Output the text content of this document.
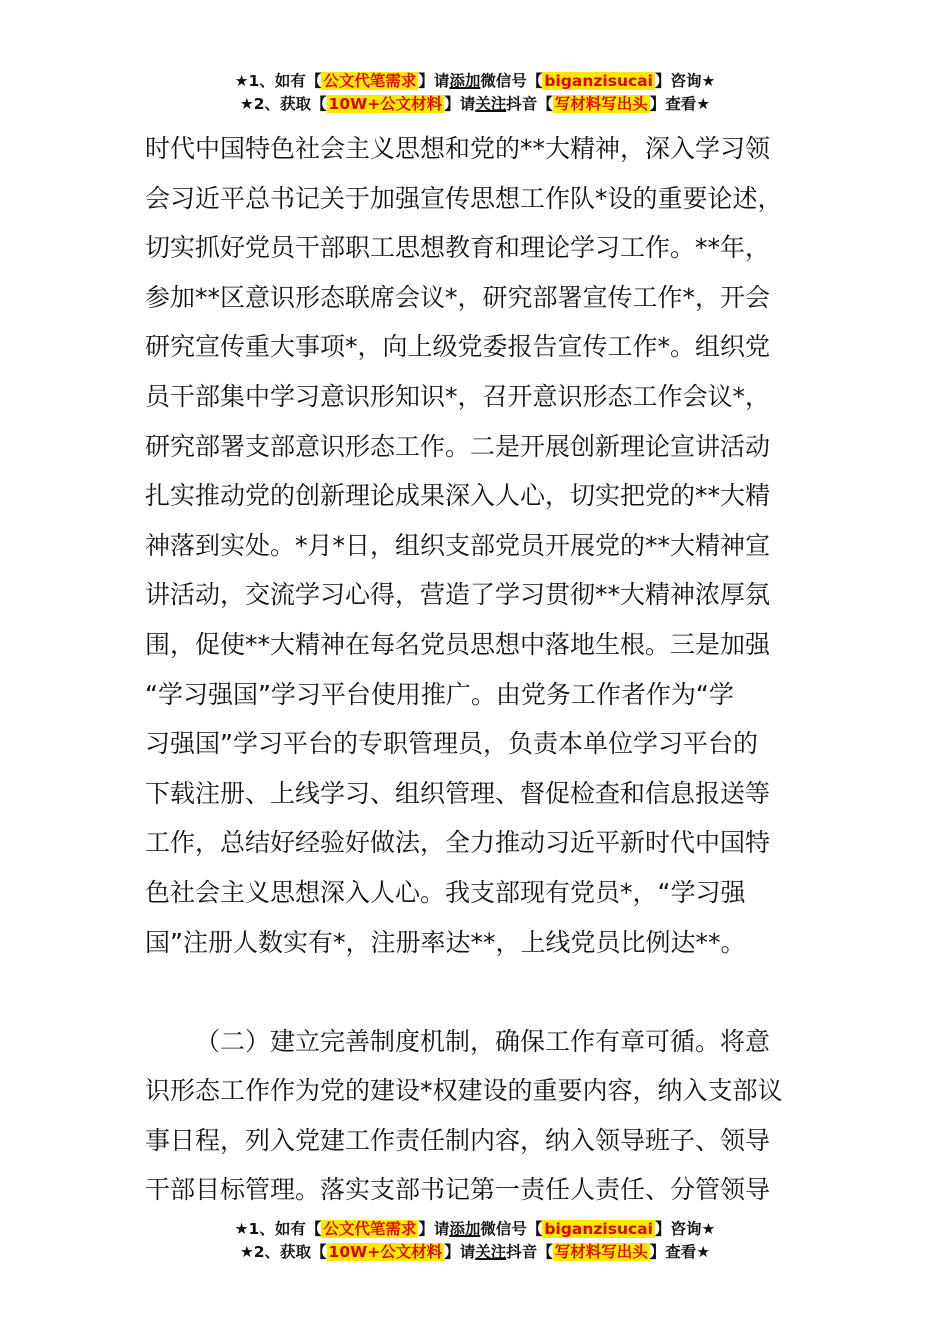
★1、如有【 公文代笔需求 】请添加微信号【 biganzisucai 】咨询★
★2、获取【 10W+公文材料 】请关注抖音【 写材料写出头 】查看★
时代中国特色社会主义思想和党的**大精神，深入学习领
会习近平总书记关于加强宣传思想工作队*设的重要论述，
切实抓好党员干部职工思想教育和理论学习工作。**年，
参加**区意识形态联席会议*，研究部署宣传工作*，开会
研究宣传重大事项*，向上级党委报告宣传工作*。组织党
员干部集中学习意识形知识*，召开意识形态工作会议*，
研究部署支部意识形态工作。二是开展创新理论宣讲活动
扎实推动党的创新理论成果深入人心，切实把党的**大精
神落到实处。*月*日，组织支部党员开展党的**大精神宣
讲活动，交流学习心得，营造了学习贯彻**大精神浓厚氛
围，促使**大精神在每名党员思想中落地生根。三是加强
“学习强国”学习平台使用推广。由党务工作者作为“学
习强国”学习平台的专职管理员，负责本单位学习平台的
下载注册、上线学习、组织管理、督促检查和信息报送等
工作，总结好经验好做法，全力推动习近平新时代中国特
色社会主义思想深入人心。我支部现有党员*，“学习强
国”注册人数实有*，注册率达**，上线党员比例达**。
（二）建立完善制度机制，确保工作有章可循。将意
识形态工作作为党的建设*权建设的重要内容，纳入支部议
事日程，列入党建工作责任制内容，纳入领导班子、领导
干部目标管理。落实支部书记第一责任人责任、分管领导
★1、如有【 公文代笔需求 】请添加微信号【 biganzisucai 】咨询★
★2、获取【 10W+公文材料 】请关注抖音【 写材料写出头 】查看★
